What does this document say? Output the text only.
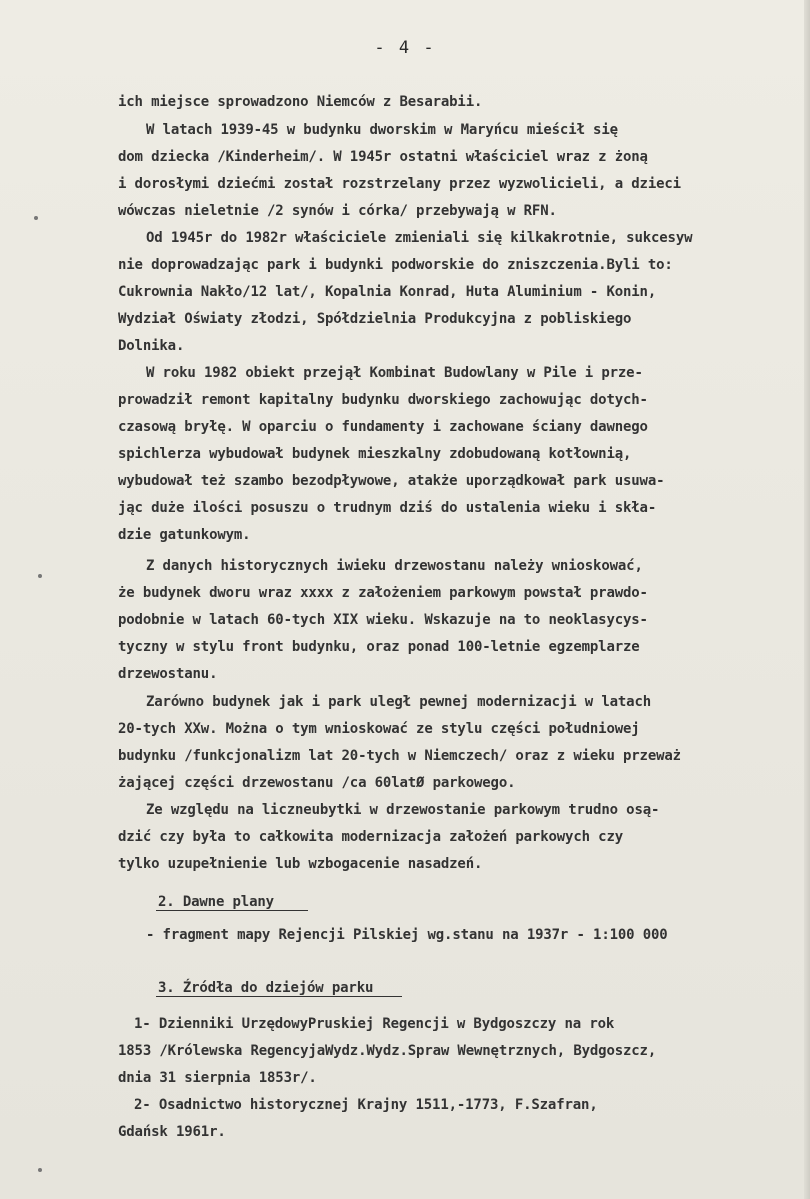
- 4 -
ich miejsce sprowadzono Niemców z Besarabii.
W latach 1939-45 w budynku dworskim w Maryńcu mieścił się
dom dziecka /Kinderheim/. W 1945r ostatni właściciel wraz z żoną
i dorosłymi dziećmi został rozstrzelany przez wyzwolicieli, a dzieci
wówczas nieletnie /2 synów i córka/ przebywają w RFN.
Od 1945r do 1982r właściciele zmieniali się kilkakrotnie, sukcesyw
nie doprowadzając park i budynki podworskie do zniszczenia.Byli to:
Cukrownia Nakło/12 lat/, Kopalnia Konrad, Huta Aluminium - Konin,
Wydział Oświaty złodzi, Spółdzielnia Produkcyjna z pobliskiego
Dolnika.
W roku 1982 obiekt przejął Kombinat Budowlany w Pile i prze-
prowadził remont kapitalny budynku dworskiego zachowując dotych-
czasową bryłę. W oparciu o fundamenty i zachowane ściany dawnego
spichlerza wybudował budynek mieszkalny zdobudowaną kotłownią,
wybudował też szambo bezodpływowe, atakże uporządkował park usuwa-
jąc duże ilości posuszu o trudnym dziś do ustalenia wieku i skła-
dzie gatunkowym.
Z danych historycznych iwieku drzewostanu należy wnioskować,
że budynek dworu wraz xxxx z założeniem parkowym powstał prawdo-
podobnie w latach 60-tych XIX wieku. Wskazuje na to neoklasycys-
tyczny w stylu front budynku, oraz ponad 100-letnie egzemplarze
drzewostanu.
Zarówno budynek jak i park uległ pewnej modernizacji w latach
20-tych XXw. Można o tym wnioskować ze stylu części południowej
budynku /funkcjonalizm lat 20-tych w Niemczech/ oraz z wieku przeważ
żającej części drzewostanu /ca 60latØ parkowego.
Ze względu na liczneubytki w drzewostanie parkowym trudno osą-
dzić czy była to całkowita modernizacja założeń parkowych czy
tylko uzupełnienie lub wzbogacenie nasadzeń.
2. Dawne plany
- fragment mapy Rejencji Pilskiej wg.stanu na 1937r - 1:100 000
3. Źródła do dziejów parku
1- Dzienniki UrzędowyPruskiej Regencji w Bydgoszczy na rok
1853 /Królewska RegencyjaWydz.Wydz.Spraw Wewnętrznych, Bydgoszcz,
dnia 31 sierpnia 1853r/.
2- Osadnictwo historycznej Krajny 1511,-1773, F.Szafran,
Gdańsk 1961r.
